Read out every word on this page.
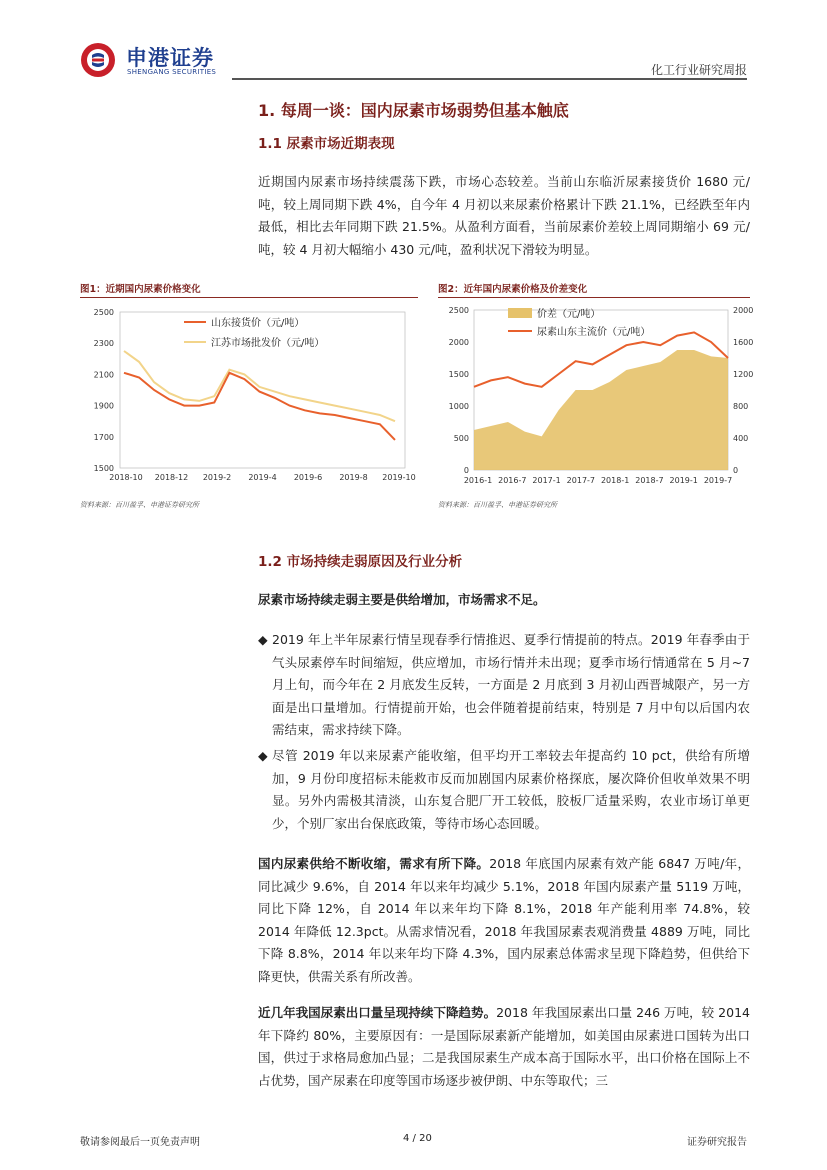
申港证券
SHENGANG SECURITIES	化工行业研究周报
1. 每周一谈：国内尿素市场弱势但基本触底
1.1 尿素市场近期表现
近期国内尿素市场持续震荡下跌，市场心态较差。当前山东临沂尿素接货价 1680 元/吨，较上周同期下跌 4%，自今年 4 月初以来尿素价格累计下跌 21.1%，已经跌至年内最低，相比去年同期下跌 21.5%。从盈利方面看，当前尿素价差较上周同期缩小 69 元/吨，较 4 月初大幅缩小 430 元/吨，盈利状况下滑较为明显。
图1：近期国内尿素价格变化
2500
2300
2100
1900
1700
1500
2018-10 2018-12 2019-2 2019-4 2019-6 2019-8 2019-10
山东接货价（元/吨）
江苏市场批发价（元/吨）
资料来源：百川盈孚、申港证券研究所
图2：近年国内尿素价格及价差变化
2500
2000
1500
1000
500
0
2000
1600
1200
800
400
0
2016-1 2016-7 2017-1 2017-7 2018-1 2018-7 2019-1 2019-7
价差（元/吨）
尿素山东主流价（元/吨）
资料来源：百川盈孚、申港证券研究所
1.2 市场持续走弱原因及行业分析
尿素市场持续走弱主要是供给增加，市场需求不足。
◆ 2019 年上半年尿素行情呈现春季行情推迟、夏季行情提前的特点。2019 年春季由于气头尿素停车时间缩短，供应增加，市场行情并未出现；夏季市场行情通常在 5 月~7 月上旬，而今年在 2 月底发生反转，一方面是 2 月底到 3 月初山西晋城限产，另一方面是出口量增加。行情提前开始，也会伴随着提前结束，特别是 7 月中旬以后国内农需结束，需求持续下降。
◆ 尽管 2019 年以来尿素产能收缩，但平均开工率较去年提高约 10 pct，供给有所增加，9 月份印度招标未能救市反而加剧国内尿素价格探底，屡次降价但收单效果不明显。另外内需极其清淡，山东复合肥厂开工较低，胶板厂适量采购，农业市场订单更少，个别厂家出台保底政策，等待市场心态回暖。
国内尿素供给不断收缩，需求有所下降。2018 年底国内尿素有效产能 6847 万吨/年，同比减少 9.6%，自 2014 年以来年均减少 5.1%，2018 年国内尿素产量 5119 万吨，同比下降 12%，自 2014 年以来年均下降 8.1%，2018 年产能利用率 74.8%，较 2014 年降低 12.3pct。从需求情况看，2018 年我国尿素表观消费量 4889 万吨，同比下降 8.8%，2014 年以来年均下降 4.3%，国内尿素总体需求呈现下降趋势，但供给下降更快，供需关系有所改善。
近几年我国尿素出口量呈现持续下降趋势。2018 年我国尿素出口量 246 万吨，较 2014 年下降约 80%，主要原因有：一是国际尿素新产能增加，如美国由尿素进口国转为出口国，供过于求格局愈加凸显；二是我国尿素生产成本高于国际水平，出口价格在国际上不占优势，国产尿素在印度等国市场逐步被伊朗、中东等取代；三
敬请参阅最后一页免责声明	4 / 20	证券研究报告
